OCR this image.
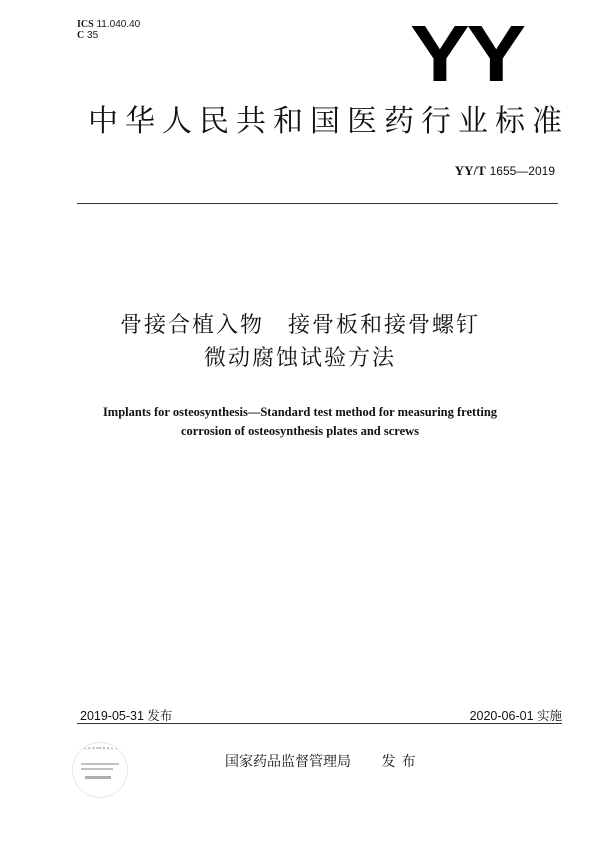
ICS 11.040.40
C 35	YY
中华人民共和国医药行业标准
YY/T 1655—2019
骨接合植入物　接骨板和接骨螺钉
微动腐蚀试验方法
Implants for osteosynthesis—Standard test method for measuring fretting
corrosion of osteosynthesis plates and screws
2019-05-31 发布	2020-06-01 实施
国家药品监督管理局 发布
